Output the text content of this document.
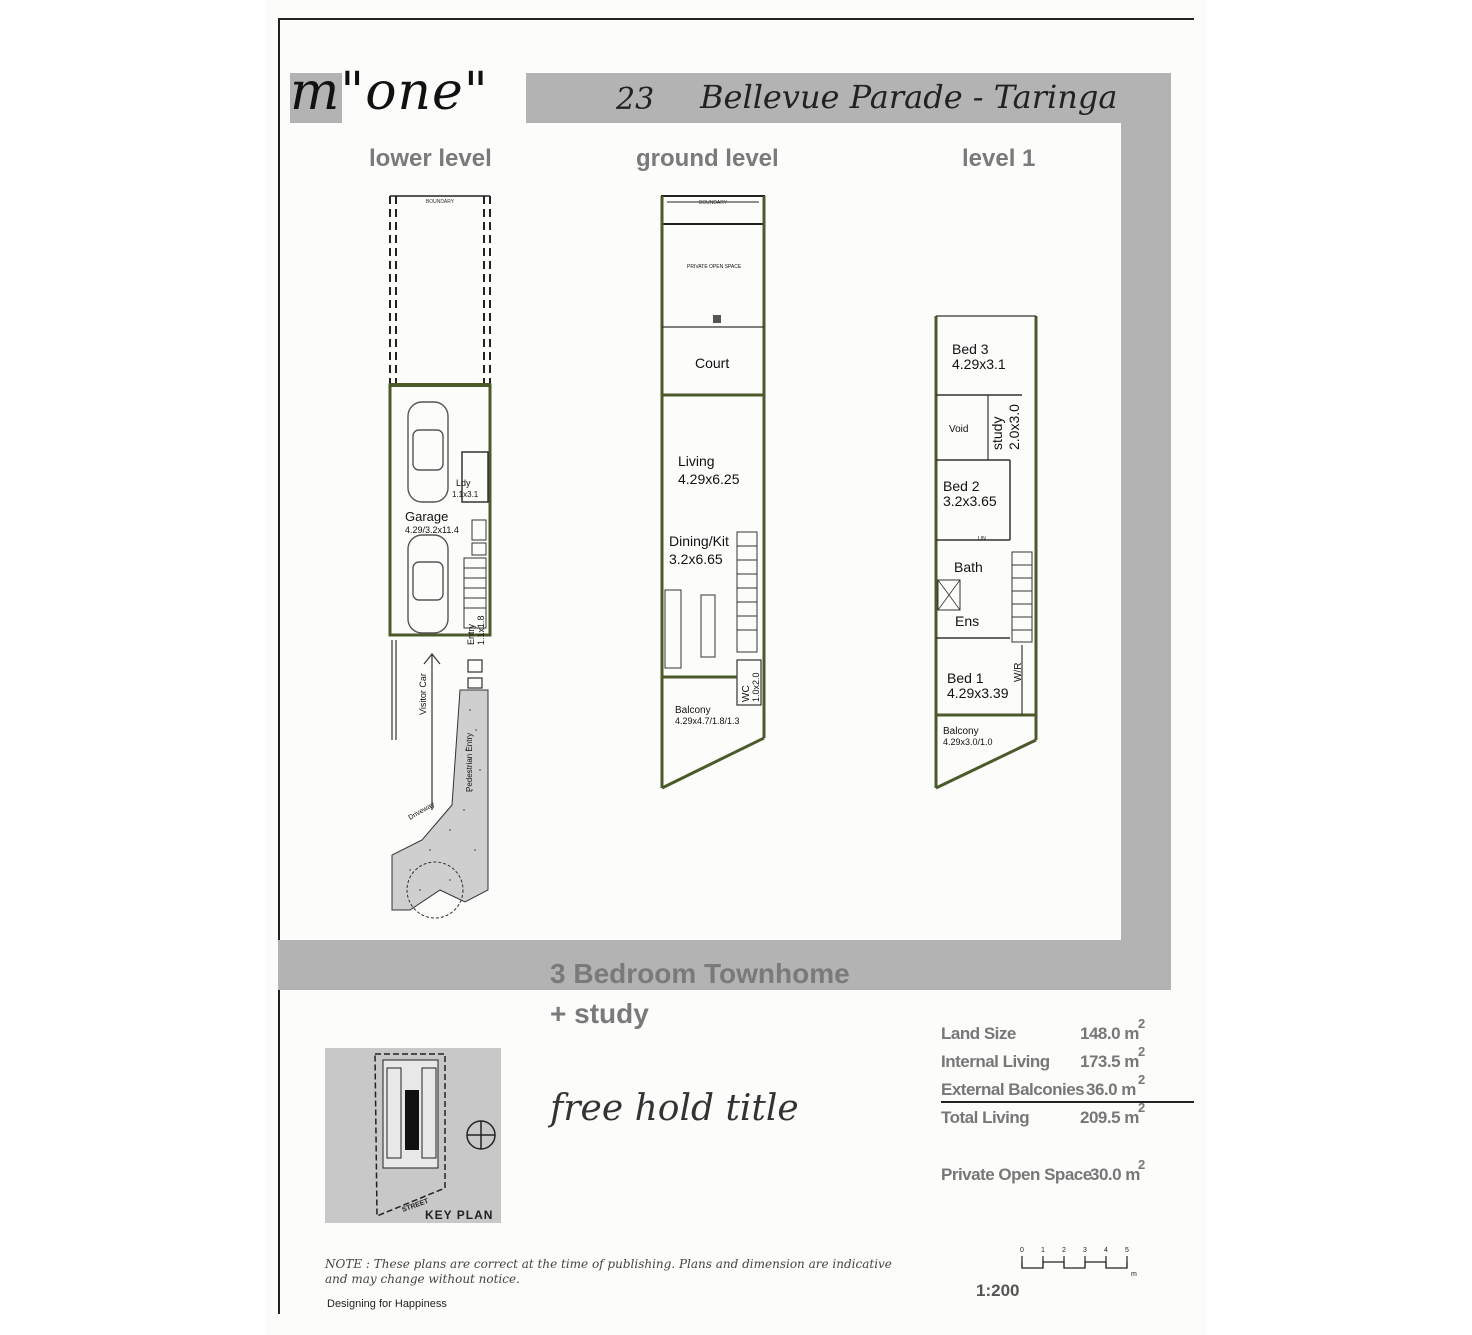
m"one"	23 Bellevue Parade - Taringa
lower level	ground level	level 1
BOUNDARY
Garage
4.29/3.2x11.4
Ldy
1.1x3.1
Entry 1.1x1.8
Visitor Car
Pedestrian Entry
Driveway
BOUNDARY
PRIVATE OPEN SPACE
Court
Living
4.29x6.25
Dining/Kit
3.2x6.65
WC 1.0x2.0
Balcony
4.29x4.7/1.8/1.3
Bed 3
4.29x3.1
Void study 2.0x3.0
Bed 2
3.2x3.65
LIN
Bath
Ens
Bed 1
4.29x3.39
W/R
Balcony
4.29x3.0/1.0
3 Bedroom Townhome
+ study
free hold title
STREET
KEY PLAN
Land Size	148.0 m
2
Internal Living 173.5 m
2
External Balconies 36.0 m
2
Total Living	209.5 m
2
Private Open Space
30.0 m
2
NOTE : These plans are correct at the time of publishing. Plans and dimension are indicative and may change without notice.
Designing for Happiness
0 1 2 3 4 5
m
1:200
